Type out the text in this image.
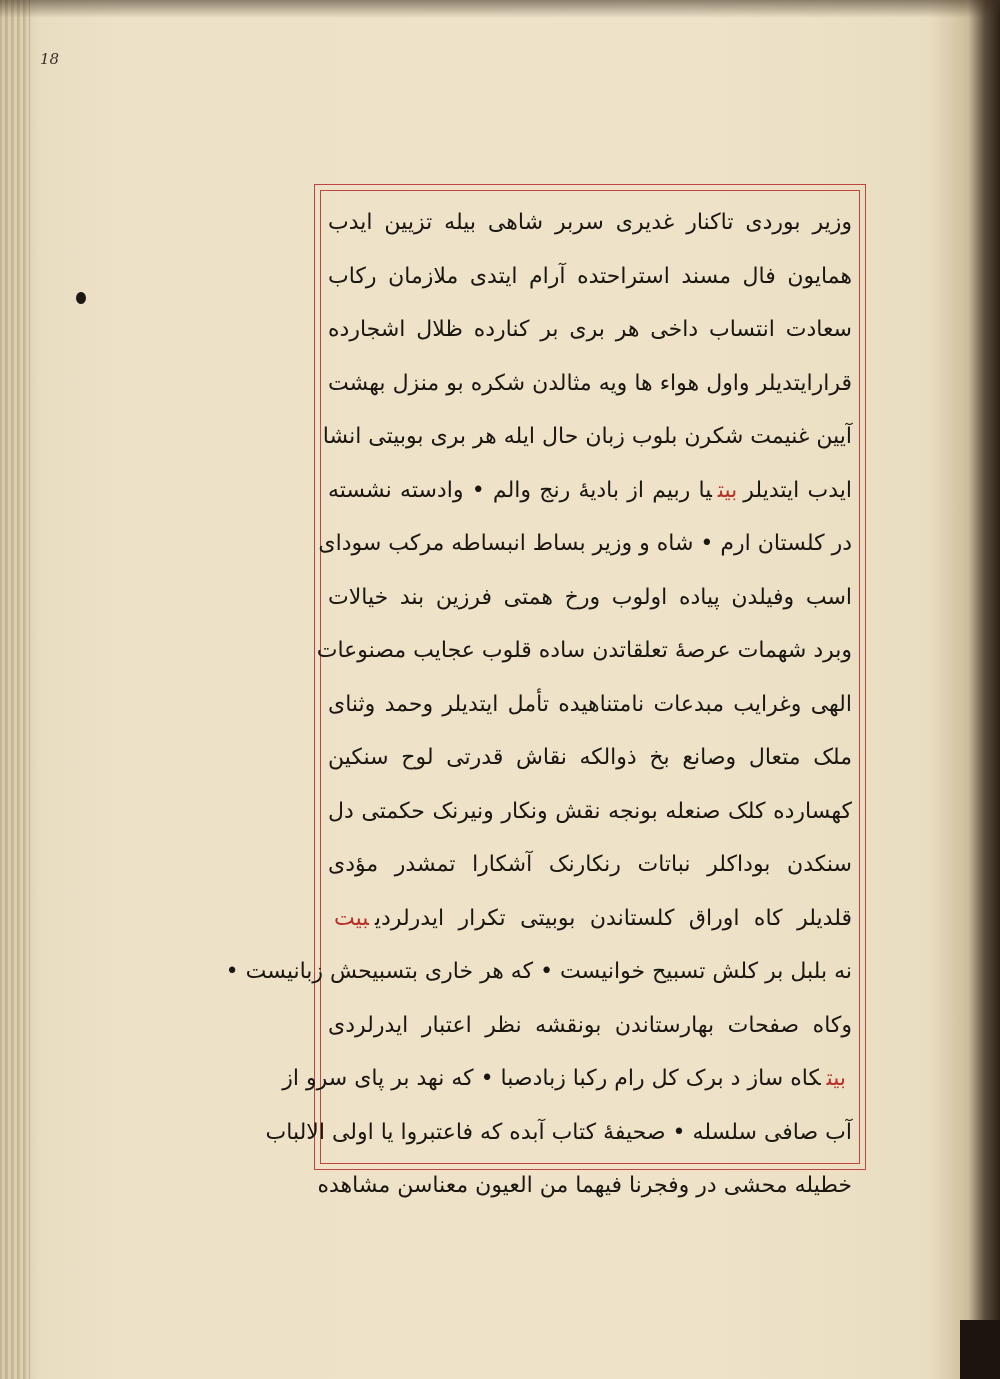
18
وزیر بوردی تاکنار غدیری سربر شاهی بیله تزیین ایدب
همایون فال مسند استراحتده آرام ایتدی ملازمان رکاب
سعادت انتساب داخی هر بری بر کنارده ظلال اشجارده
قرارایتدیلر واول هواء ها ویه مثالدن شکره بو منزل بهشت
آیین غنیمت شکرن بلوب زبان حال ایله هر بری بوبیتی انشا
ایدب ایتدیلربیتیا ربیم از بادیهٔ رنج والم • وادسته نشسته
در کلستان ارم • شاه و وزیر بساط انبساطه مرکب سودای
اسب وفیلدن پیاده اولوب ورخ همتی فرزین بند خیالات
وبرد شهمات عرصهٔ تعلقاتدن ساده قلوب عجایب مصنوعات
الهی وغرایب مبدعات نامتناهیده تأمل ایتدیلر وحمد وثنای
ملک متعال وصانع بخ ذوالکه نقاش قدرتی لوح سنکین
کهسارده کلک صنعله بونجه نقش ونکار ونیرنک حکمتی دل
سنکدن بوداکلر نباتات رنکارنک آشکارا تمشدر مؤدی
قلدیلر کاه اوراق کلستاندن بوبیتی تکرار ایدرلردیبیت
نه بلبل بر کلش تسبیح خوانیست • که هر خاری بتسبیحش زبانیست •
وکاه صفحات بهارستاندن بونقشه نظر اعتبار ایدرلردی
بیتکاه ساز د برک کل رام رکبا زبادصبا • که نهد بر پای سرو از
آب صافی سلسله • صحیفهٔ کتاب آبده که فاعتبروا یا اولی الالباب
خطیله محشی در وفجرنا فیهما من العیون معناسن مشاهده
